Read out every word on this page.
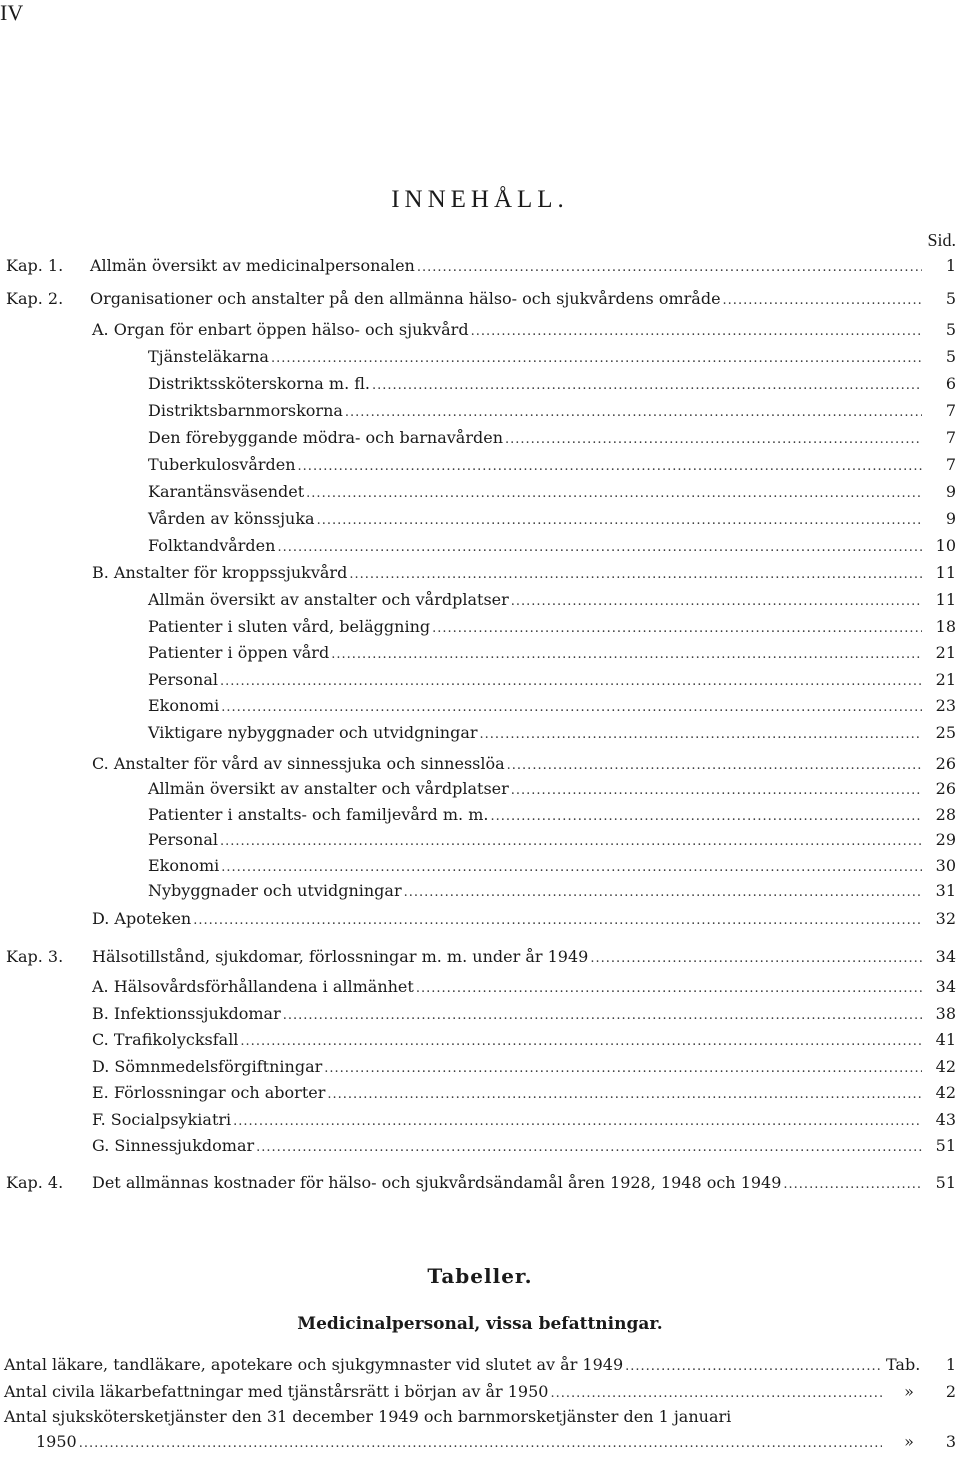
IV
INNEHÅLL.
Sid.
Kap. 1.	Allmän översikt av medicinalpersonalen .....	1
Kap. 2.	Organisationer och anstalter på den allmänna hälso- och sjukvårdens område .....	5
A. Organ för enbart öppen hälso- och sjukvård .....	5
Tjänsteläkarna .....	5
Distriktssköterskorna m. fl. .....	6
Distriktsbarnmorskorna .....	7
Den förebyggande mödra- och barnavården .....	7
Tuberkulosvården .....	7
Karantänsväsendet .....	9
Vården av könssjuka .....	9
Folktandvården .....	10
B. Anstalter för kroppssjukvård .....	11
Allmän översikt av anstalter och vårdplatser .....	11
Patienter i sluten vård, beläggning .....	18
Patienter i öppen vård .....	21
Personal .....	21
Ekonomi .....	23
Viktigare nybyggnader och utvidgningar .....	25
C. Anstalter för vård av sinnessjuka och sinnesslöa .....	26
Allmän översikt av anstalter och vårdplatser .....	26
Patienter i anstalts- och familjevård m. m. .....	28
Personal .....	29
Ekonomi .....	30
Nybyggnader och utvidgningar .....	31
D. Apoteken .....	32
Kap. 3.	Hälsotillstånd, sjukdomar, förlossningar m. m. under år 1949 .....	34
A. Hälsovårdsförhållandena i allmänhet .....	34
B. Infektionssjukdomar .....	38
C. Trafikolycksfall .....	41
D. Sömnmedelsförgiftningar .....	42
E. Förlossningar och aborter .....	42
F. Socialpsykiatri .....	43
G. Sinnessjukdomar .....	51
Kap. 4.	Det allmännas kostnader för hälso- och sjukvårdsändamål åren 1928, 1948 och 1949 .....	51
Tabeller.
Medicinalpersonal, vissa befattningar.
Antal läkare, tandläkare, apotekare och sjukgymnaster vid slutet av år 1949 .....	Tab.	1
Antal civila läkarbefattningar med tjänstårsrätt i början av år 1950 .....	»	2
Antal sjukskötersketjänster den 31 december 1949 och barnmorsketjänster den 1 januari
1950 .....	»	3
